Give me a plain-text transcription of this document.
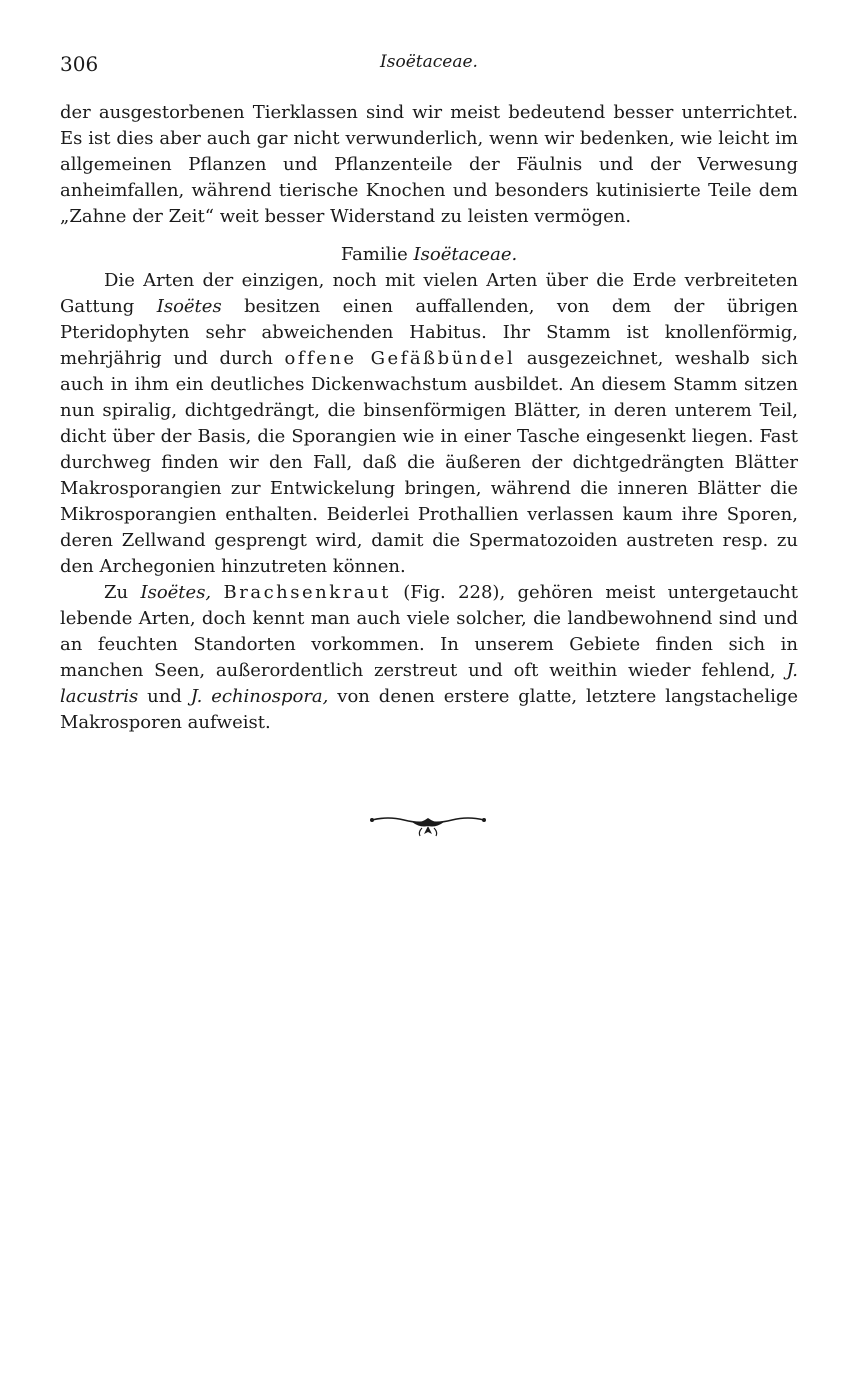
306	Isoëtaceae.

der ausgestorbenen Tierklassen sind wir meist bedeutend besser unterrichtet. Es ist dies aber auch gar nicht verwunderlich, wenn wir bedenken, wie leicht im allgemeinen Pflanzen und Pflanzenteile der Fäulnis und der Verwesung anheimfallen, während tierische Knochen und besonders kutinisierte Teile dem „Zahne der Zeit“ weit besser Widerstand zu leisten vermögen.

Familie Isoëtaceae.

Die Arten der einzigen, noch mit vielen Arten über die Erde verbreiteten Gattung Isoëtes besitzen einen auffallenden, von dem der übrigen Pteridophyten sehr abweichenden Habitus. Ihr Stamm ist knollenförmig, mehrjährig und durch offene Gefäßbündel ausgezeichnet, weshalb sich auch in ihm ein deutliches Dickenwachstum ausbildet. An diesem Stamm sitzen nun spiralig, dichtgedrängt, die binsenförmigen Blätter, in deren unterem Teil, dicht über der Basis, die Sporangien wie in einer Tasche eingesenkt liegen. Fast durchweg finden wir den Fall, daß die äußeren der dichtgedrängten Blätter Makrosporangien zur Entwickelung bringen, während die inneren Blätter die Mikrosporangien enthalten. Beiderlei Prothallien verlassen kaum ihre Sporen, deren Zellwand gesprengt wird, damit die Spermatozoiden austreten resp. zu den Archegonien hinzutreten können.

Zu Isoëtes, Brachsenkraut (Fig. 228), gehören meist untergetaucht lebende Arten, doch kennt man auch viele solcher, die landbewohnend sind und an feuchten Standorten vorkommen. In unserem Gebiete finden sich in manchen Seen, außerordentlich zerstreut und oft weithin wieder fehlend, J. lacustris und J. echinospora, von denen erstere glatte, letztere langstachelige Makrosporen aufweist.
